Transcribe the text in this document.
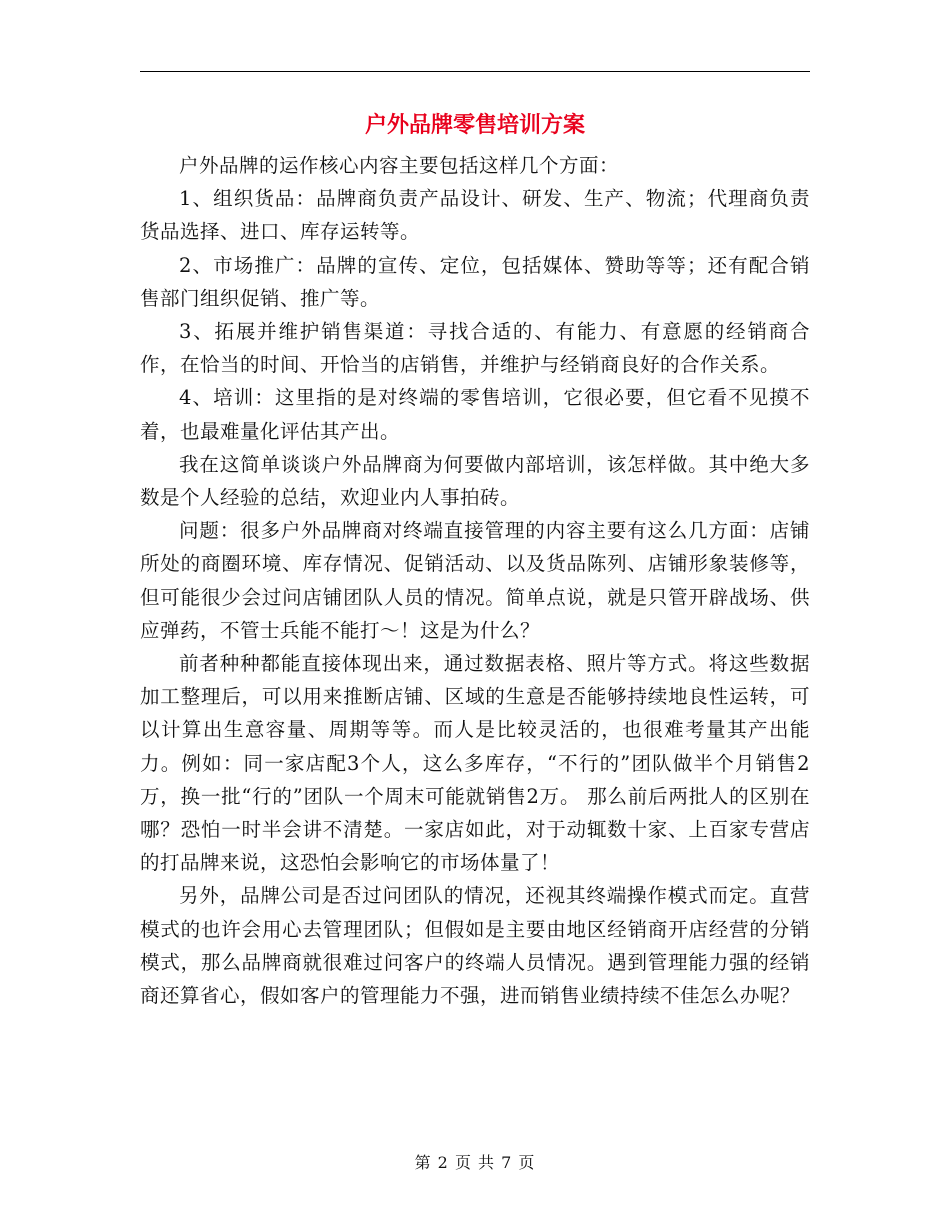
户外品牌零售培训方案

户外品牌的运作核心内容主要包括这样几个方面：

1、组织货品：品牌商负责产品设计、研发、生产、物流；代理商负责货品选择、进口、库存运转等。

2、市场推广：品牌的宣传、定位，包括媒体、赞助等等；还有配合销售部门组织促销、推广等。

3、拓展并维护销售渠道：寻找合适的、有能力、有意愿的经销商合作，在恰当的时间、开恰当的店销售，并维护与经销商良好的合作关系。

4、培训：这里指的是对终端的零售培训，它很必要，但它看不见摸不着，也最难量化评估其产出。

我在这简单谈谈户外品牌商为何要做内部培训，该怎样做。其中绝大多数是个人经验的总结，欢迎业内人事拍砖。

问题：很多户外品牌商对终端直接管理的内容主要有这么几方面：店铺所处的商圈环境、库存情况、促销活动、以及货品陈列、店铺形象装修等，但可能很少会过问店铺团队人员的情况。简单点说，就是只管开辟战场、供应弹药，不管士兵能不能打～！这是为什么？

前者种种都能直接体现出来，通过数据表格、照片等方式。将这些数据加工整理后，可以用来推断店铺、区域的生意是否能够持续地良性运转，可以计算出生意容量、周期等等。而人是比较灵活的，也很难考量其产出能力。例如：同一家店配3个人，这么多库存，“不行的”团队做半个月销售2万，换一批“行的”团队一个周末可能就销售2万。 那么前后两批人的区别在哪？恐怕一时半会讲不清楚。一家店如此，对于动辄数十家、上百家专营店的打品牌来说，这恐怕会影响它的市场体量了！

另外，品牌公司是否过问团队的情况，还视其终端操作模式而定。直营模式的也许会用心去管理团队；但假如是主要由地区经销商开店经营的分销模式，那么品牌商就很难过问客户的终端人员情况。遇到管理能力强的经销商还算省心，假如客户的管理能力不强，进而销售业绩持续不佳怎么办呢？

第 2 页 共 7 页
